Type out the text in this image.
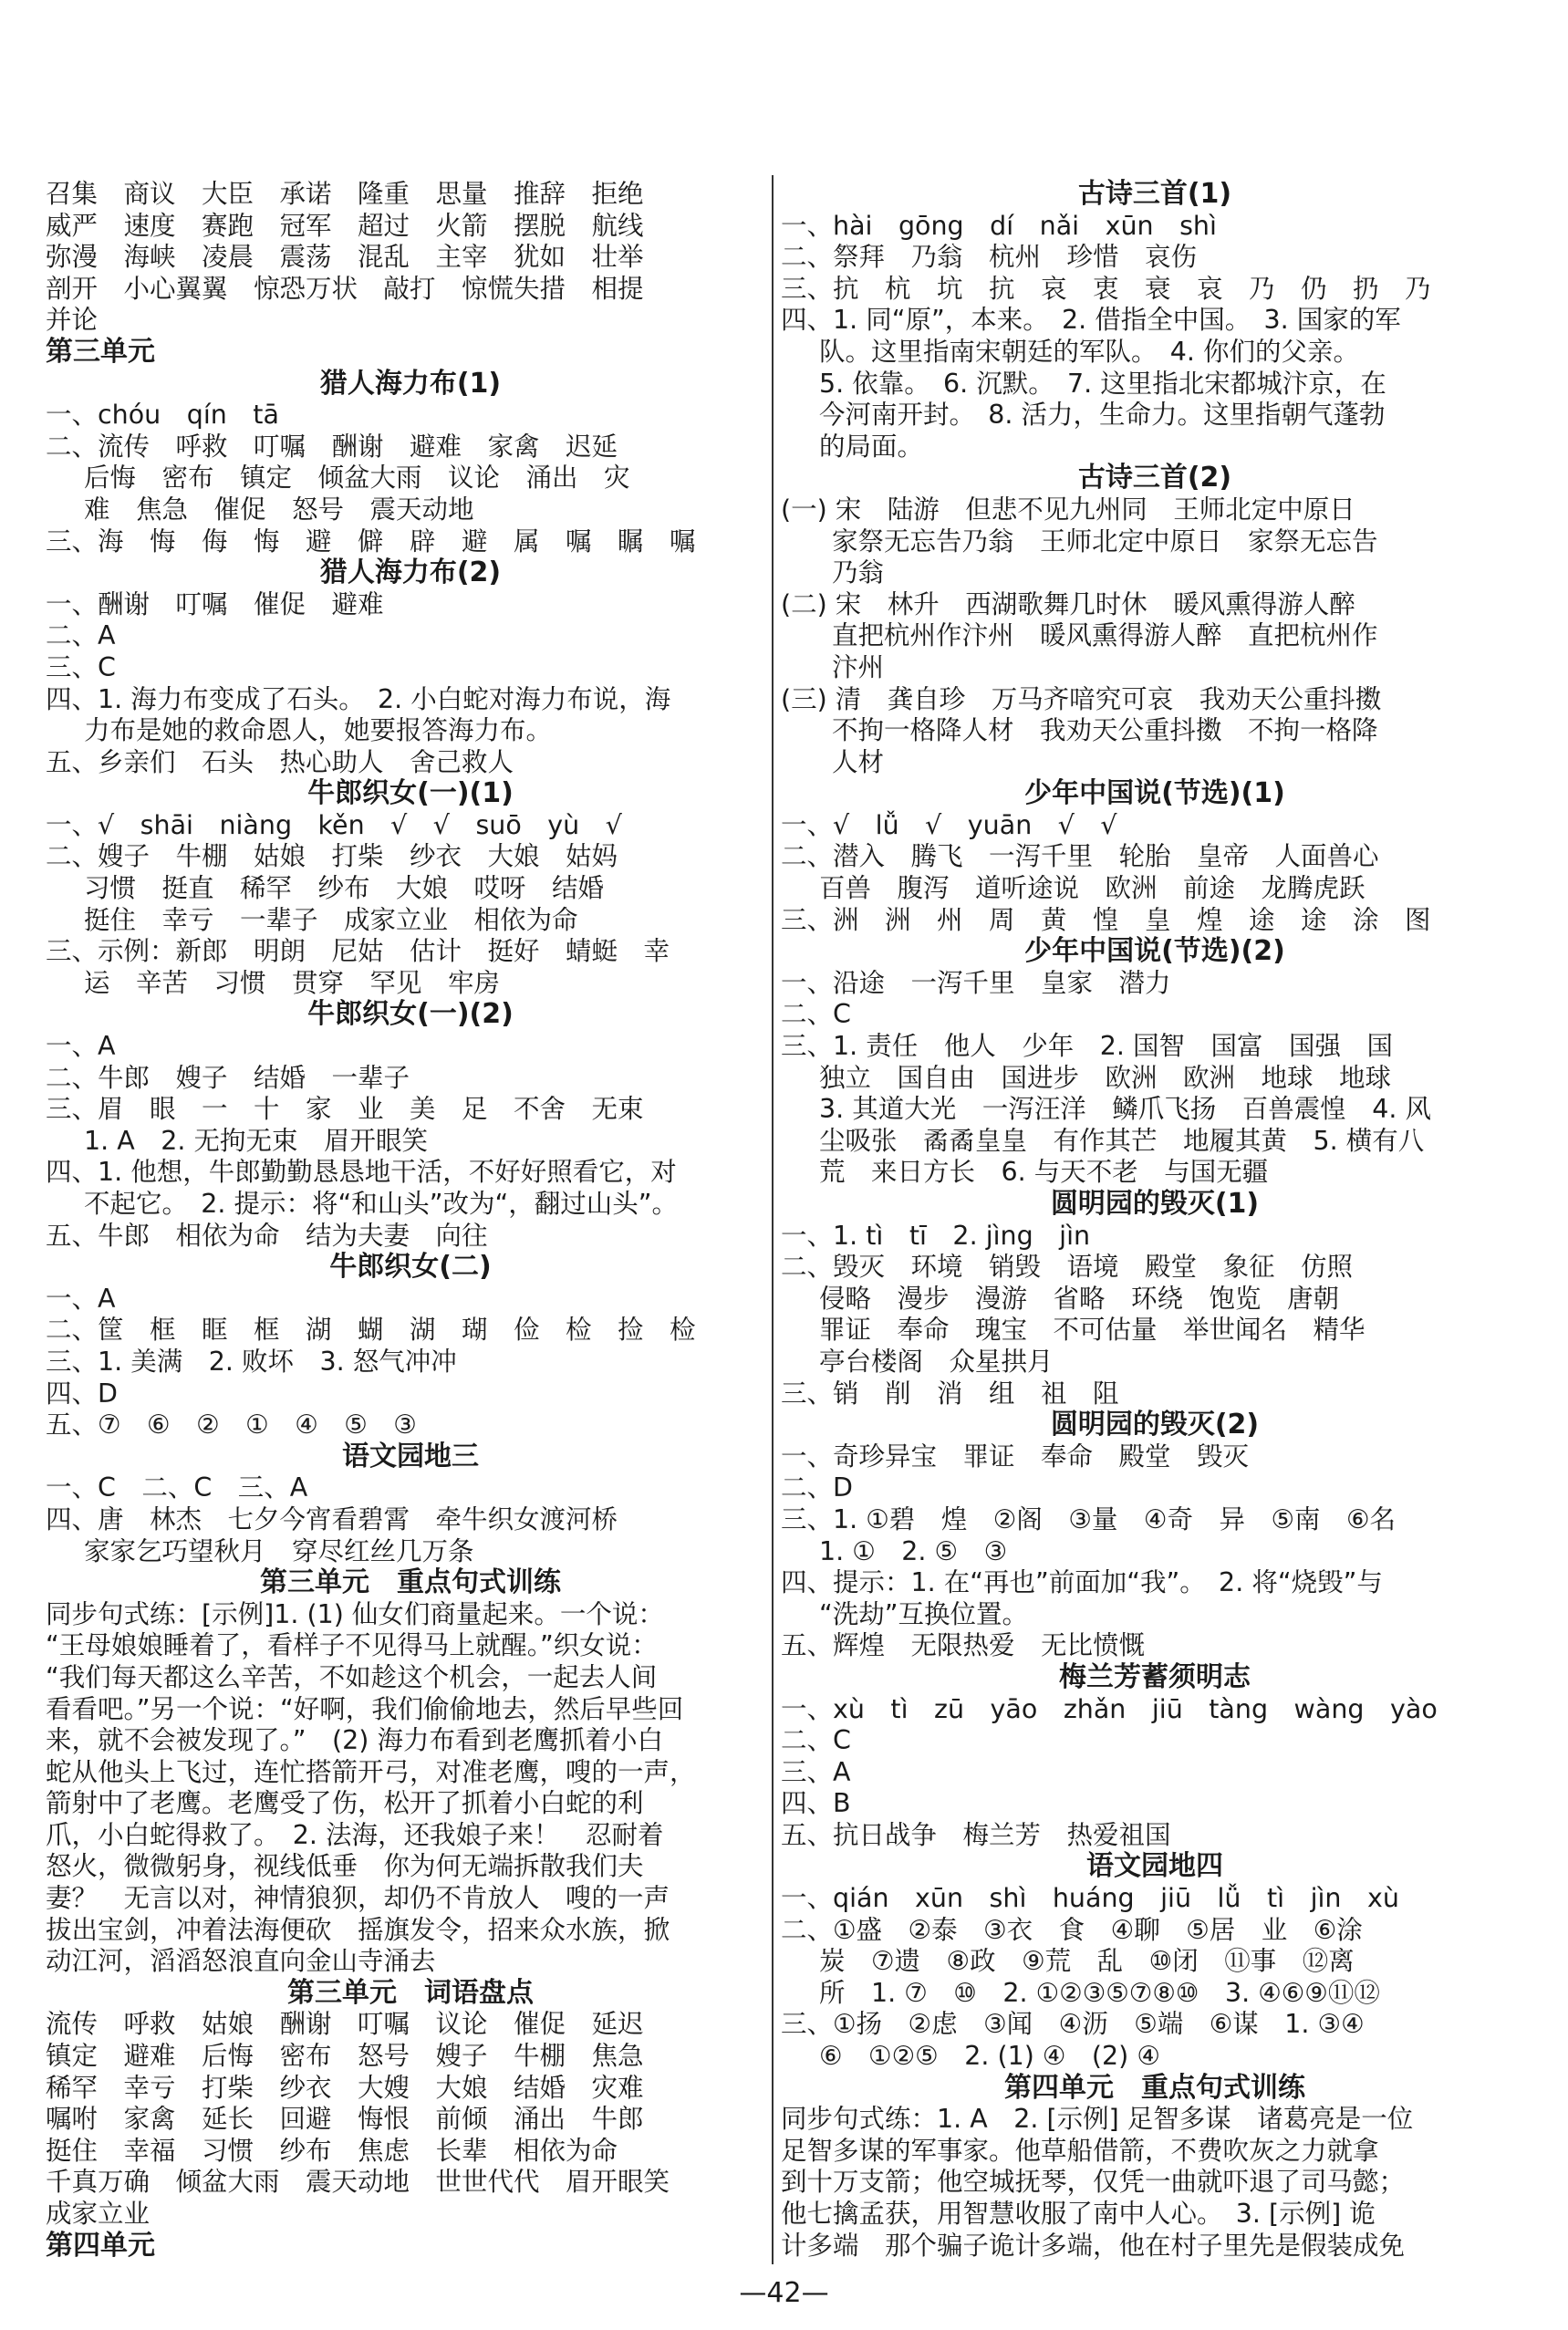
召集　商议　大臣　承诺　隆重　思量　推辞　拒绝
威严　速度　赛跑　冠军　超过　火箭　摆脱　航线
弥漫　海峡　凌晨　震荡　混乱　主宰　犹如　壮举
剖开　小心翼翼　惊恐万状　敲打　惊慌失措　相提
并论
第三单元
猎人海力布(1)
一、chóu　qín　tā
二、流传　呼救　叮嘱　酬谢　避难　家禽　迟延
后悔　密布　镇定　倾盆大雨　议论　涌出　灾
难　焦急　催促　怒号　震天动地
三、海　悔　侮　悔　避　僻　辟　避　属　嘱　瞩　嘱
猎人海力布(2)
一、酬谢　叮嘱　催促　避难
二、A
三、C
四、1. 海力布变成了石头。　2. 小白蛇对海力布说，海
力布是她的救命恩人，她要报答海力布。
五、乡亲们　石头　热心助人　舍己救人
牛郎织女(一)(1)
一、√　shāi　niàng　kěn　√　√　suō　yù　√
二、嫂子　牛棚　姑娘　打柴　纱衣　大娘　姑妈
习惯　挺直　稀罕　纱布　大娘　哎呀　结婚
挺住　幸亏　一辈子　成家立业　相依为命
三、示例：新郎　明朗　尼姑　估计　挺好　蜻蜓　幸
运　辛苦　习惯　贯穿　罕见　牢房
牛郎织女(一)(2)
一、A
二、牛郎　嫂子　结婚　一辈子
三、眉　眼　一　十　家　业　美　足　不舍　无束
1. A　2. 无拘无束　眉开眼笑
四、1. 他想，牛郎勤勤恳恳地干活，不好好照看它，对
不起它。　2. 提示：将“和山头”改为“，翻过山头”。
五、牛郎　相依为命　结为夫妻　向往
牛郎织女(二)
一、A
二、筐　框　眶　框　湖　蝴　湖　瑚　俭　检　捡　检
三、1. 美满　2. 败坏　3. 怒气冲冲
四、D
五、⑦　⑥　②　①　④　⑤　③
语文园地三
一、C　二、C　三、A
四、唐　林杰　七夕今宵看碧霄　牵牛织女渡河桥
家家乞巧望秋月　穿尽红丝几万条
第三单元　重点句式训练
同步句式练：[示例]1. (1) 仙女们商量起来。一个说：
“王母娘娘睡着了，看样子不见得马上就醒。”织女说：
“我们每天都这么辛苦，不如趁这个机会，一起去人间
看看吧。”另一个说：“好啊，我们偷偷地去，然后早些回
来，就不会被发现了。”　(2) 海力布看到老鹰抓着小白
蛇从他头上飞过，连忙搭箭开弓，对准老鹰，嗖的一声，
箭射中了老鹰。老鹰受了伤，松开了抓着小白蛇的利
爪，小白蛇得救了。　2. 法海，还我娘子来！　忍耐着
怒火，微微躬身，视线低垂　你为何无端拆散我们夫
妻？　无言以对，神情狼狈，却仍不肯放人　嗖的一声
拔出宝剑，冲着法海便砍　摇旗发令，招来众水族，掀
动江河，滔滔怒浪直向金山寺涌去
第三单元　词语盘点
流传　呼救　姑娘　酬谢　叮嘱　议论　催促　延迟
镇定　避难　后悔　密布　怒号　嫂子　牛棚　焦急
稀罕　幸亏　打柴　纱衣　大嫂　大娘　结婚　灾难
嘱咐　家禽　延长　回避　悔恨　前倾　涌出　牛郎
挺住　幸福　习惯　纱布　焦虑　长辈　相依为命
千真万确　倾盆大雨　震天动地　世世代代　眉开眼笑
成家立业
第四单元
古诗三首(1)
一、hài　gōng　dí　nǎi　xūn　shì
二、祭拜　乃翁　杭州　珍惜　哀伤
三、抗　杭　坑　抗　哀　衷　衰　哀　乃　仍　扔　乃
四、1. 同“原”，本来。　2. 借指全中国。　3. 国家的军
队。这里指南宋朝廷的军队。　4. 你们的父亲。
5. 依靠。　6. 沉默。　7. 这里指北宋都城汴京，在
今河南开封。　8. 活力，生命力。这里指朝气蓬勃
的局面。
古诗三首(2)
(一) 宋　陆游　但悲不见九州同　王师北定中原日
家祭无忘告乃翁　王师北定中原日　家祭无忘告
乃翁
(二) 宋　林升　西湖歌舞几时休　暖风熏得游人醉
直把杭州作汴州　暖风熏得游人醉　直把杭州作
汴州
(三) 清　龚自珍　万马齐喑究可哀　我劝天公重抖擞
不拘一格降人材　我劝天公重抖擞　不拘一格降
人材
少年中国说(节选)(1)
一、√　lǚ　√　yuān　√　√
二、潜入　腾飞　一泻千里　轮胎　皇帝　人面兽心
百兽　腹泻　道听途说　欧洲　前途　龙腾虎跃
三、洲　洲　州　周　黄　惶　皇　煌　途　途　涂　图
少年中国说(节选)(2)
一、沿途　一泻千里　皇家　潜力
二、C
三、1. 责任　他人　少年　2. 国智　国富　国强　国
独立　国自由　国进步　欧洲　欧洲　地球　地球
3. 其道大光　一泻汪洋　鳞爪飞扬　百兽震惶　4. 风
尘吸张　矞矞皇皇　有作其芒　地履其黄　5. 横有八
荒　来日方长　6. 与天不老　与国无疆
圆明园的毁灭(1)
一、1. tì　tī　2. jìng　jìn
二、毁灭　环境　销毁　语境　殿堂　象征　仿照
侵略　漫步　漫游　省略　环绕　饱览　唐朝
罪证　奉命　瑰宝　不可估量　举世闻名　精华
亭台楼阁　众星拱月
三、销　削　消　组　祖　阻
圆明园的毁灭(2)
一、奇珍异宝　罪证　奉命　殿堂　毁灭
二、D
三、1. ①碧　煌　②阁　③量　④奇　异　⑤南　⑥名
1. ①　2. ⑤　③
四、提示：1. 在“再也”前面加“我”。　2. 将“烧毁”与
“洗劫”互换位置。
五、辉煌　无限热爱　无比愤慨
梅兰芳蓄须明志
一、xù　tì　zū　yāo　zhǎn　jiū　tàng　wàng　yào
二、C
三、A
四、B
五、抗日战争　梅兰芳　热爱祖国
语文园地四
一、qián　xūn　shì　huáng　jiū　lǚ　tì　jìn　xù
二、①盛　②泰　③衣　食　④聊　⑤居　业　⑥涂
炭　⑦遗　⑧政　⑨荒　乱　⑩闭　⑪事　⑫离
所　1. ⑦　⑩　2. ①②③⑤⑦⑧⑩　3. ④⑥⑨⑪⑫
三、①扬　②虑　③闻　④沥　⑤端　⑥谋　1. ③④
⑥　①②⑤　2. (1) ④　(2) ④
第四单元　重点句式训练
同步句式练：1. A　2. [示例] 足智多谋　诸葛亮是一位
足智多谋的军事家。他草船借箭，不费吹灰之力就拿
到十万支箭；他空城抚琴，仅凭一曲就吓退了司马懿；
他七擒孟获，用智慧收服了南中人心。　3. [示例] 诡
计多端　那个骗子诡计多端，他在村子里先是假装成免
—42—
